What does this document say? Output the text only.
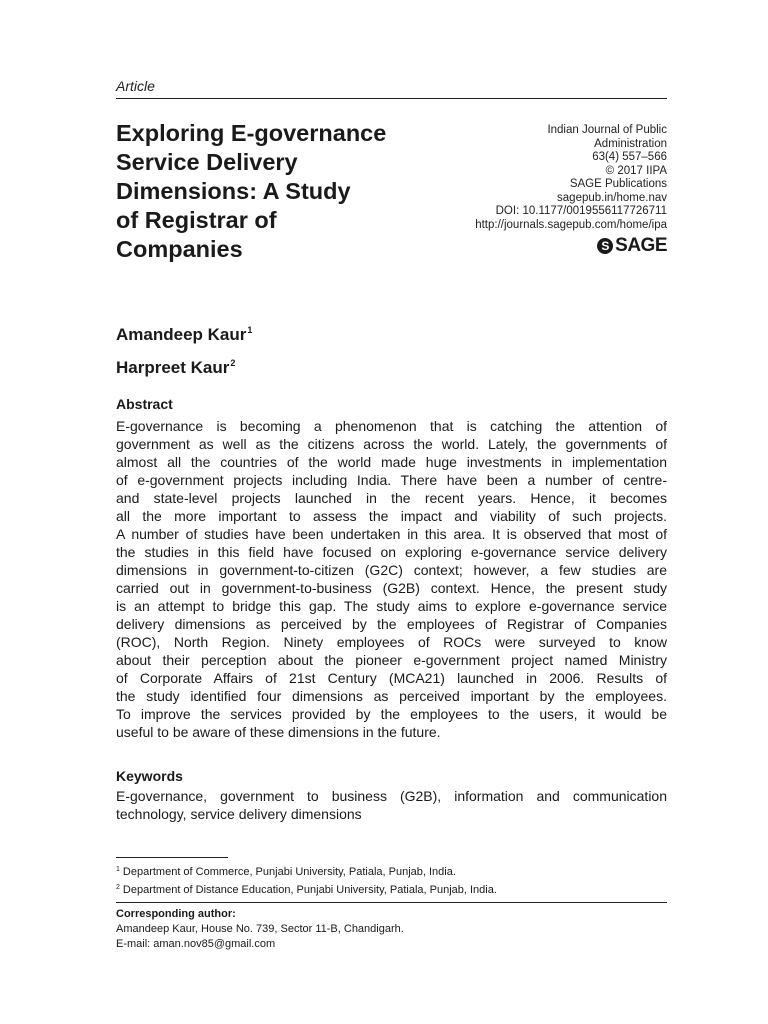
Article
Exploring E-governance
Service Delivery
Dimensions: A Study
of Registrar of
Companies
Indian Journal of Public
Administration
63(4) 557–566
© 2017 IIPA
SAGE Publications
sagepub.in/home.nav
DOI: 10.1177/0019556117726711
http://journals.sagepub.com/home/ipa
S SAGE
Amandeep Kaur$^1$
Harpreet Kaur$^2$
Abstract
E-governance is becoming a phenomenon that is catching the attention of
government as well as the citizens across the world. Lately, the governments of
almost all the countries of the world made huge investments in implementation
of e-government projects including India. There have been a number of centre-
and state-level projects launched in the recent years. Hence, it becomes
all the more important to assess the impact and viability of such projects.
A number of studies have been undertaken in this area. It is observed that most of
the studies in this field have focused on exploring e-governance service delivery
dimensions in government-to-citizen (G2C) context; however, a few studies are
carried out in government-to-business (G2B) context. Hence, the present study
is an attempt to bridge this gap. The study aims to explore e-governance service
delivery dimensions as perceived by the employees of Registrar of Companies
(ROC), North Region. Ninety employees of ROCs were surveyed to know
about their perception about the pioneer e-government project named Ministry
of Corporate Affairs of 21st Century (MCA21) launched in 2006. Results of
the study identified four dimensions as perceived important by the employees.
To improve the services provided by the employees to the users, it would be
useful to be aware of these dimensions in the future.
Keywords
E-governance, government to business (G2B), information and communication
technology, service delivery dimensions
$^1$ Department of Commerce, Punjabi University, Patiala, Punjab, India.
$^2$ Department of Distance Education, Punjabi University, Patiala, Punjab, India.
Corresponding author:
Amandeep Kaur, House No. 739, Sector 11-B, Chandigarh.
E-mail: aman.nov85@gmail.com
